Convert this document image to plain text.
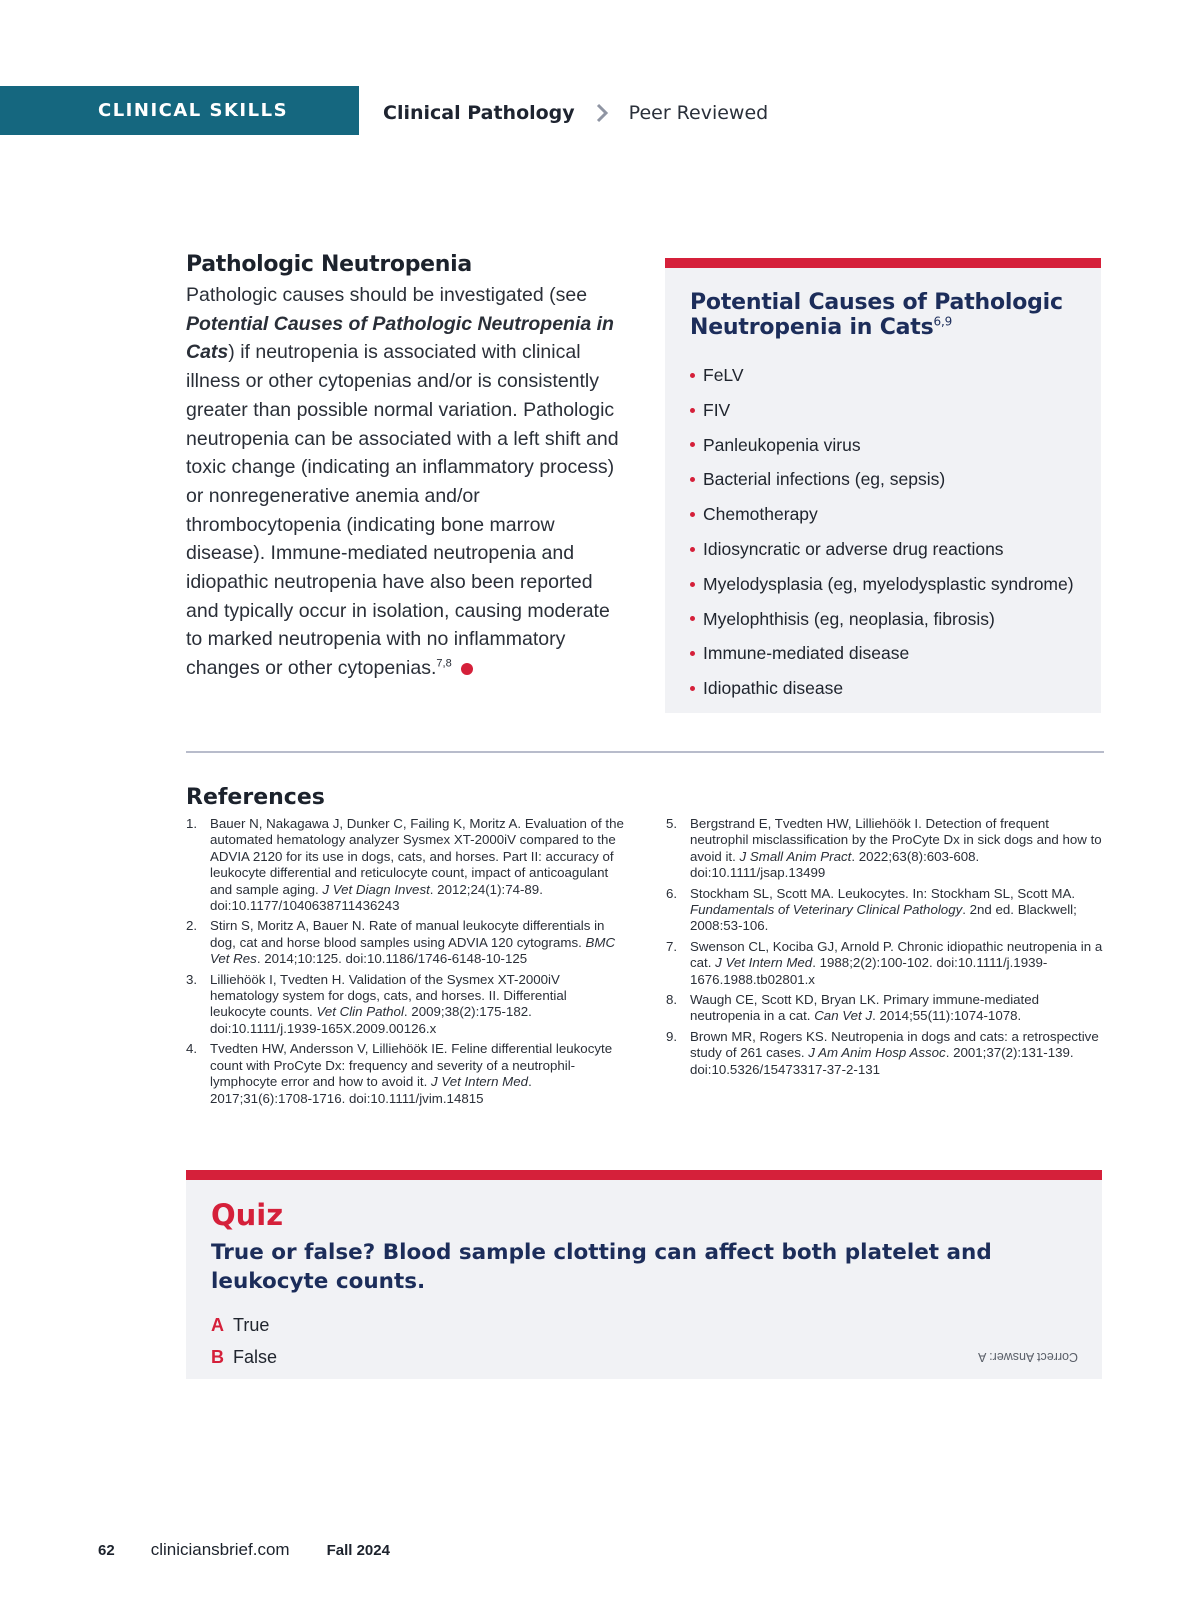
CLINICAL SKILLS	Clinical Pathology	Peer Reviewed
Pathologic Neutropenia

Pathologic causes should be investigated (see Potential Causes of Pathologic Neutropenia in Cats) if neutropenia is associated with clinical illness or other cytopenias and/or is consistently greater than possible normal variation. Pathologic neutropenia can be associated with a left shift and toxic change (indicating an inflammatory process) or nonregenerative anemia and/or thrombocytopenia (indicating bone marrow disease). Immune-mediated neutropenia and idiopathic neutropenia have also been reported and typically occur in isolation, causing moderate to marked neutropenia with no inflammatory changes or other cytopenias.$^{7,8}$

Potential Causes of Pathologic Neutropenia in Cats$^{6,9}$
FeLV
FIV
Panleukopenia virus
Bacterial infections (eg, sepsis)
Chemotherapy
Idiosyncratic or adverse drug reactions
Myelodysplasia (eg, myelodysplastic syndrome)
Myelophthisis (eg, neoplasia, fibrosis)
Immune-mediated disease
Idiopathic disease
References
1. Bauer N, Nakagawa J, Dunker C, Failing K, Moritz A. Evaluation of the automated hematology analyzer Sysmex XT-2000iV compared to the ADVIA 2120 for its use in dogs, cats, and horses. Part II: accuracy of leukocyte differential and reticulocyte count, impact of anticoagulant and sample aging. J Vet Diagn Invest. 2012;24(1):74-89. doi:10.1177/1040638711436243
2. Stirn S, Moritz A, Bauer N. Rate of manual leukocyte differentials in dog, cat and horse blood samples using ADVIA 120 cytograms. BMC Vet Res. 2014;10:125. doi:10.1186/1746-6148-10-125
3. Lilliehöök I, Tvedten H. Validation of the Sysmex XT-2000iV hematology system for dogs, cats, and horses. II. Differential leukocyte counts. Vet Clin Pathol. 2009;38(2):175-182. doi:10.1111/j.1939-165X.2009.00126.x
4. Tvedten HW, Andersson V, Lilliehöök IE. Feline differential leukocyte count with ProCyte Dx: frequency and severity of a neutrophil-lymphocyte error and how to avoid it. J Vet Intern Med. 2017;31(6):1708-1716. doi:10.1111/jvim.14815
5. Bergstrand E, Tvedten HW, Lilliehöök I. Detection of frequent neutrophil misclassification by the ProCyte Dx in sick dogs and how to avoid it. J Small Anim Pract. 2022;63(8):603-608. doi:10.1111/jsap.13499
6. Stockham SL, Scott MA. Leukocytes. In: Stockham SL, Scott MA. Fundamentals of Veterinary Clinical Pathology. 2nd ed. Blackwell; 2008:53-106.
7. Swenson CL, Kociba GJ, Arnold P. Chronic idiopathic neutropenia in a cat. J Vet Intern Med. 1988;2(2):100-102. doi:10.1111/j.1939-1676.1988.tb02801.x
8. Waugh CE, Scott KD, Bryan LK. Primary immune-mediated neutropenia in a cat. Can Vet J. 2014;55(11):1074-1078.
9. Brown MR, Rogers KS. Neutropenia in dogs and cats: a retrospective study of 261 cases. J Am Anim Hosp Assoc. 2001;37(2):131-139. doi:10.5326/15473317-37-2-131
Quiz

True or false? Blood sample clotting can affect both platelet and leukocyte counts.

A True
B False	Correct Answer: A
62 cliniciansbrief.com Fall 2024
